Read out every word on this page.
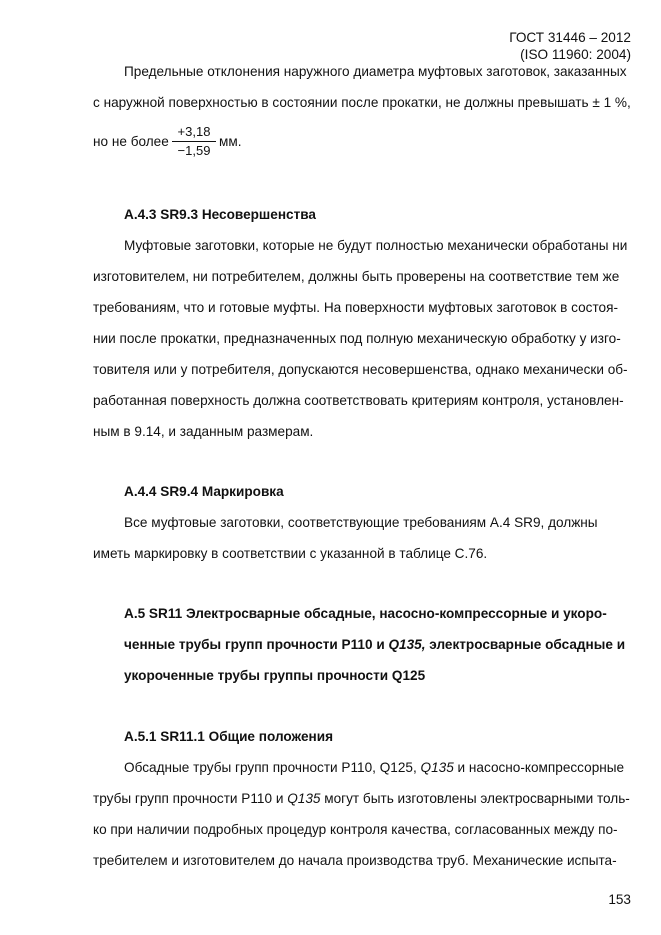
ГОСТ 31446 – 2012
(ISO 11960: 2004)
Предельные отклонения наружного диаметра муфтовых заготовок, заказанных
с наружной поверхностью в состоянии после прокатки, не должны превышать ± 1 %,
но не более
+3,18
−1,59
мм.
А.4.3 SR9.3 Несовершенства
Муфтовые заготовки, которые не будут полностью механически обработаны ни
изготовителем, ни потребителем, должны быть проверены на соответствие тем же
требованиям, что и готовые муфты. На поверхности муфтовых заготовок в состоя-
нии после прокатки, предназначенных под полную механическую обработку у изго-
товителя или у потребителя, допускаются несовершенства, однако механически об-
работанная поверхность должна соответствовать критериям контроля, установлен-
ным в 9.14, и заданным размерам.
А.4.4 SR9.4 Маркировка
Все муфтовые заготовки, соответствующие требованиям А.4 SR9, должны
иметь маркировку в соответствии с указанной в таблице С.76.
А.5 SR11 Электросварные обсадные, насосно-компрессорные и укоро-
ченные трубы групп прочности Р110 и Q135, электросварные обсадные и
укороченные трубы группы прочности Q125
А.5.1 SR11.1 Общие положения
Обсадные трубы групп прочности Р110, Q125, Q135 и насосно-компрессорные
трубы групп прочности Р110 и Q135 могут быть изготовлены электросварными толь-
ко при наличии подробных процедур контроля качества, согласованных между по-
требителем и изготовителем до начала производства труб. Механические испыта-
153
